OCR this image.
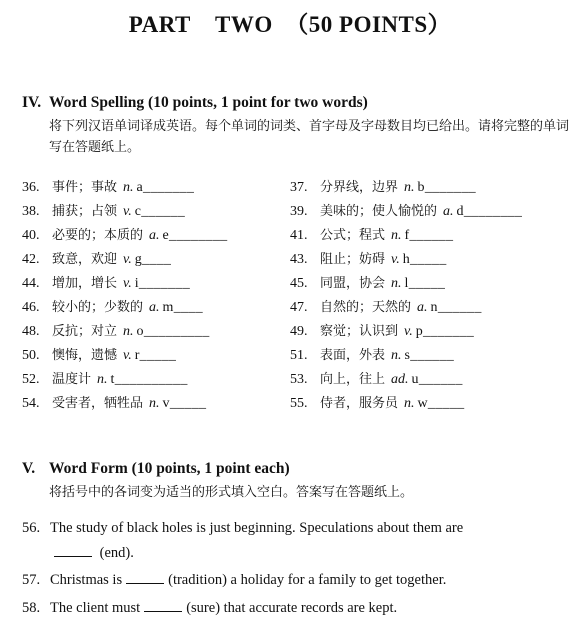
PART    TWO  （50 POINTS）
IV. Word Spelling (10 points, 1 point for two words)
将下列汉语单词译成英语。每个单词的词类、首字母及字母数目均已给出。请将完整的单词写在答题纸上。
36. 事件；事故 n. a_______	37. 分界线，边界 n. b_______
38. 捕获；占领 v. c______	39. 美味的；使人愉悦的 a. d________
40. 必要的；本质的 a. e________	41. 公式；程式 n. f______
42. 致意，欢迎 v. g____	43. 阻止；妨碍 v. h_____
44. 增加，增长 v. i_______	45. 同盟，协会 n. l_____
46. 较小的；少数的 a. m____	47. 自然的；天然的 a. n______
48. 反抗；对立 n. o_________	49. 察觉；认识到 v. p_______
50. 懊悔，遗憾 v. r_____	51. 表面，外表 n. s______
52. 温度计 n. t__________	53. 向上，往上 ad. u______
54. 受害者，牺牲品 n. v_____	55. 侍者，服务员 n. w_____
V. Word Form (10 points, 1 point each)
将括号中的各词变为适当的形式填入空白。答案写在答题纸上。
56. The study of black holes is just beginning. Speculations about them are
(end).
57. Christmas is	(tradition) a holiday for a family to get together.
58. The client must	(sure) that accurate records are kept.
